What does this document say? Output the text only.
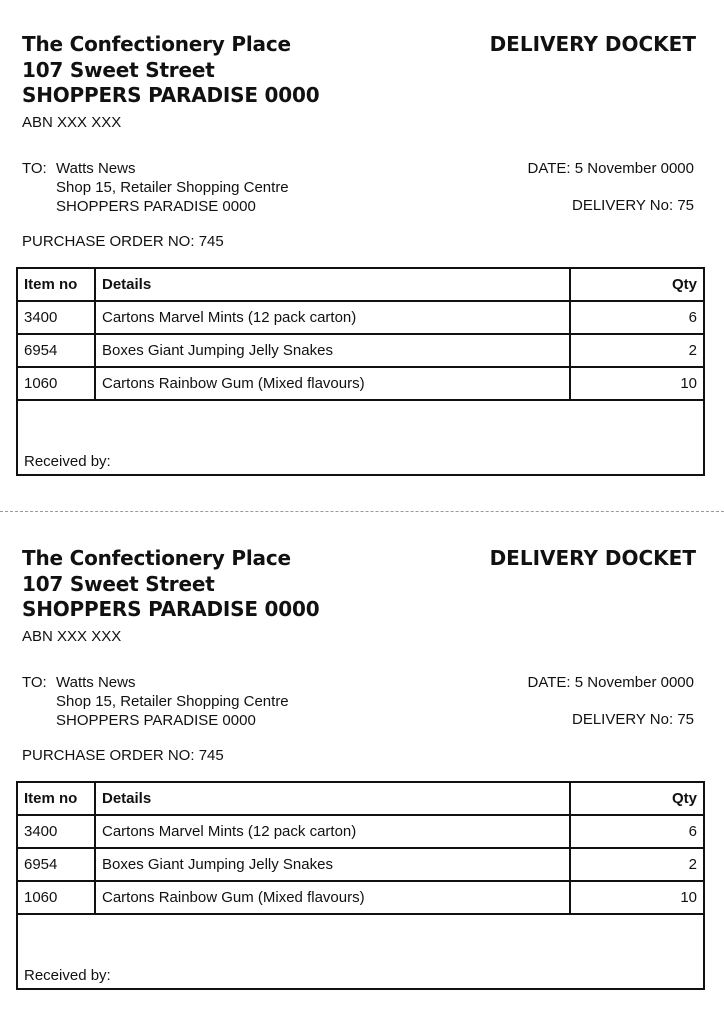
The Confectionery Place
107 Sweet Street
SHOPPERS PARADISE 0000
DELIVERY DOCKET
ABN XXX XXX
TO: Watts News
Shop 15, Retailer Shopping Centre
SHOPPERS PARADISE 0000
DATE: 5 November 0000
DELIVERY No: 75
PURCHASE ORDER NO: 745
Item no	Details	Qty
3400	Cartons Marvel Mints (12 pack carton)	6
6954	Boxes Giant Jumping Jelly Snakes	2
1060	Cartons Rainbow Gum (Mixed flavours)	10
Received by:		
The Confectionery Place
107 Sweet Street
SHOPPERS PARADISE 0000
DELIVERY DOCKET
ABN XXX XXX
TO: Watts News
Shop 15, Retailer Shopping Centre
SHOPPERS PARADISE 0000
DATE: 5 November 0000
DELIVERY No: 75
PURCHASE ORDER NO: 745
Item no	Details	Qty
3400	Cartons Marvel Mints (12 pack carton)	6
6954	Boxes Giant Jumping Jelly Snakes	2
1060	Cartons Rainbow Gum (Mixed flavours)	10
Received by:		
